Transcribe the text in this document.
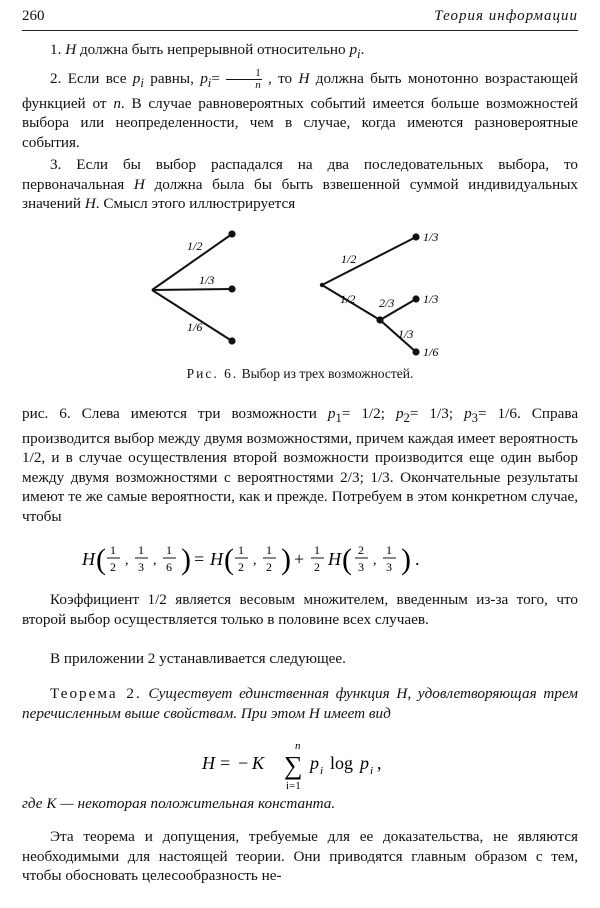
260	Теория информации
1. H должна быть непрерывной относительно $p_i$.
2. Если все $p_i$ равны, $p_i= \frac{1}{n}$ , то H должна быть монотонно возрастающей функцией от n. В случае равновероятных событий имеется больше возможностей выбора или неопределенности, чем в случае, когда имеются разновероятные события.
3. Если бы выбор распадался на два последовательных выбора, то первоначальная H должна была бы быть взвешенной суммой индивидуальных значений H. Смысл этого иллюстрируется
1/2
1/3
1/6
1/2
1/2 2/3
1/3
1/3
1/3
1/6
Рис. 6. Выбор из трех возможностей.
рис. 6. Слева имеются три возможности $p_1= 1/2$; $p_2= 1/3$; $p_3= 1/6$. Справа производится выбор между двумя возможностями, причем каждая имеет вероятность 1/2, и в случае осуществления второй возможности производится еще один выбор между двумя возможностями с вероятностями 2/3; 1/3. Окончательные результаты имеют те же самые вероятности, как и прежде. Потребуем в этом конкретном случае, чтобы
H ( 1
2 ,
1
3 ,
1
6 ) = H ( 1
2 ,
1
2 ) + 1
2 H ( 2
3 ,
1
3 ) .
Коэффициент 1/2 является весовым множителем, введенным из-за того, что второй выбор осуществляется только в половине всех случаев.
В приложении 2 устанавливается следующее.
Теорема 2. Существует единственная функция H, удовлетворяющая трем перечисленным выше свойствам. При этом H имеет вид
H = − K
n
∑
i=1
p i log p i ,
где K — некоторая положительная константа.
Эта теорема и допущения, требуемые для ее доказательства, не являются необходимыми для настоящей теории. Они приводятся главным образом с тем, чтобы обосновать целесообразность не-
